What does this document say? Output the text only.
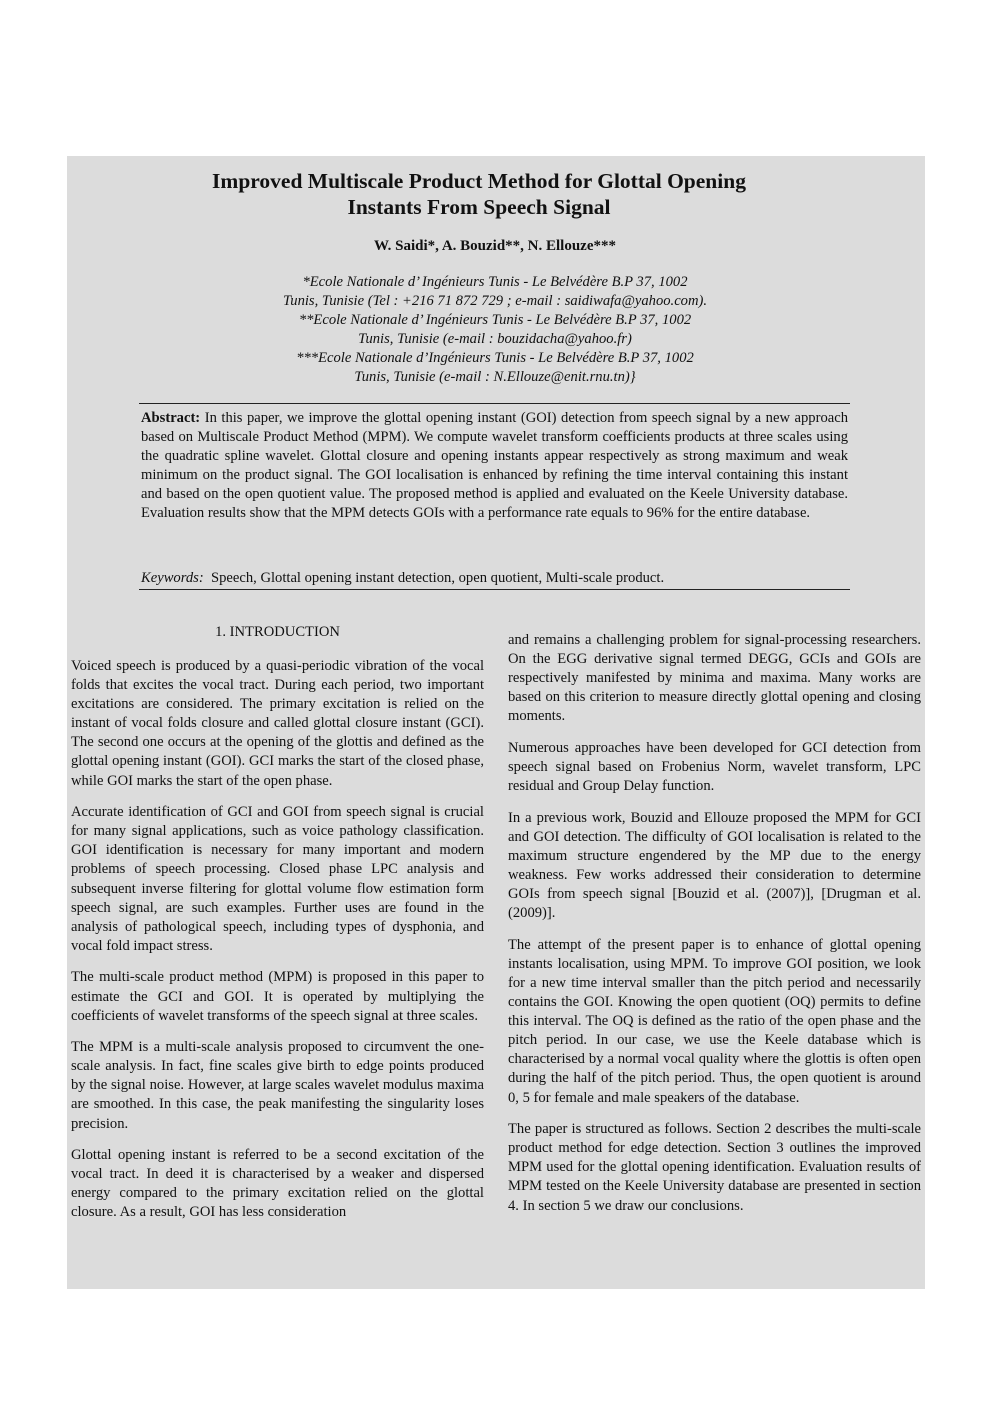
Improved Multiscale Product Method for Glottal Opening
Instants From Speech Signal
W. Saidi*, A. Bouzid**, N. Ellouze***
*Ecole Nationale d’ Ingénieurs Tunis - Le Belvédère B.P 37, 1002
Tunis, Tunisie (Tel : +216 71 872 729 ; e-mail : saidiwafa@yahoo.com).
**Ecole Nationale d’ Ingénieurs Tunis - Le Belvédère B.P 37, 1002
Tunis, Tunisie (e-mail : bouzidacha@yahoo.fr)
***Ecole Nationale d’Ingénieurs Tunis - Le Belvédère B.P 37, 1002
Tunis, Tunisie (e-mail : N.Ellouze@enit.rnu.tn)}
Abstract: In this paper, we improve the glottal opening instant (GOI) detection from speech signal by a new approach based on Multiscale Product Method (MPM). We compute wavelet transform coefficients products at three scales using the quadratic spline wavelet. Glottal closure and opening instants appear respectively as strong maximum and weak minimum on the product signal. The GOI localisation is enhanced by refining the time interval containing this instant and based on the open quotient value. The proposed method is applied and evaluated on the Keele University database. Evaluation results show that the MPM detects GOIs with a performance rate equals to 96% for the entire database.
Keywords: Speech, Glottal opening instant detection, open quotient, Multi-scale product.
1. INTRODUCTION

Voiced speech is produced by a quasi-periodic vibration of the vocal folds that excites the vocal tract. During each period, two important excitations are considered. The primary excitation is relied on the instant of vocal folds closure and called glottal closure instant (GCI). The second one occurs at the opening of the glottis and defined as the glottal opening instant (GOI). GCI marks the start of the closed phase, while GOI marks the start of the open phase.

Accurate identification of GCI and GOI from speech signal is crucial for many signal applications, such as voice pathology classification. GOI identification is necessary for many important and modern problems of speech processing. Closed phase LPC analysis and subsequent inverse filtering for glottal volume flow estimation form speech signal, are such examples. Further uses are found in the analysis of pathological speech, including types of dysphonia, and vocal fold impact stress.

The multi-scale product method (MPM) is proposed in this paper to estimate the GCI and GOI. It is operated by multiplying the coefficients of wavelet transforms of the speech signal at three scales.

The MPM is a multi-scale analysis proposed to circumvent the one-scale analysis. In fact, fine scales give birth to edge points produced by the signal noise. However, at large scales wavelet modulus maxima are smoothed. In this case, the peak manifesting the singularity loses precision.

Glottal opening instant is referred to be a second excitation of the vocal tract. In deed it is characterised by a weaker and dispersed energy compared to the primary excitation relied on the glottal closure. As a result, GOI has less consideration

and remains a challenging problem for signal-processing researchers. On the EGG derivative signal termed DEGG, GCIs and GOIs are respectively manifested by minima and maxima. Many works are based on this criterion to measure directly glottal opening and closing moments.

Numerous approaches have been developed for GCI detection from speech signal based on Frobenius Norm, wavelet transform, LPC residual and Group Delay function.

In a previous work, Bouzid and Ellouze proposed the MPM for GCI and GOI detection. The difficulty of GOI localisation is related to the maximum structure engendered by the MP due to the energy weakness. Few works addressed their consideration to determine GOIs from speech signal [Bouzid et al. (2007)], [Drugman et al. (2009)].

The attempt of the present paper is to enhance of glottal opening instants localisation, using MPM. To improve GOI position, we look for a new time interval smaller than the pitch period and necessarily contains the GOI. Knowing the open quotient (OQ) permits to define this interval. The OQ is defined as the ratio of the open phase and the pitch period. In our case, we use the Keele database which is characterised by a normal vocal quality where the glottis is often open during the half of the pitch period. Thus, the open quotient is around 0, 5 for female and male speakers of the database.

The paper is structured as follows. Section 2 describes the multi-scale product method for edge detection. Section 3 outlines the improved MPM used for the glottal opening identification. Evaluation results of MPM tested on the Keele University database are presented in section 4. In section 5 we draw our conclusions.
